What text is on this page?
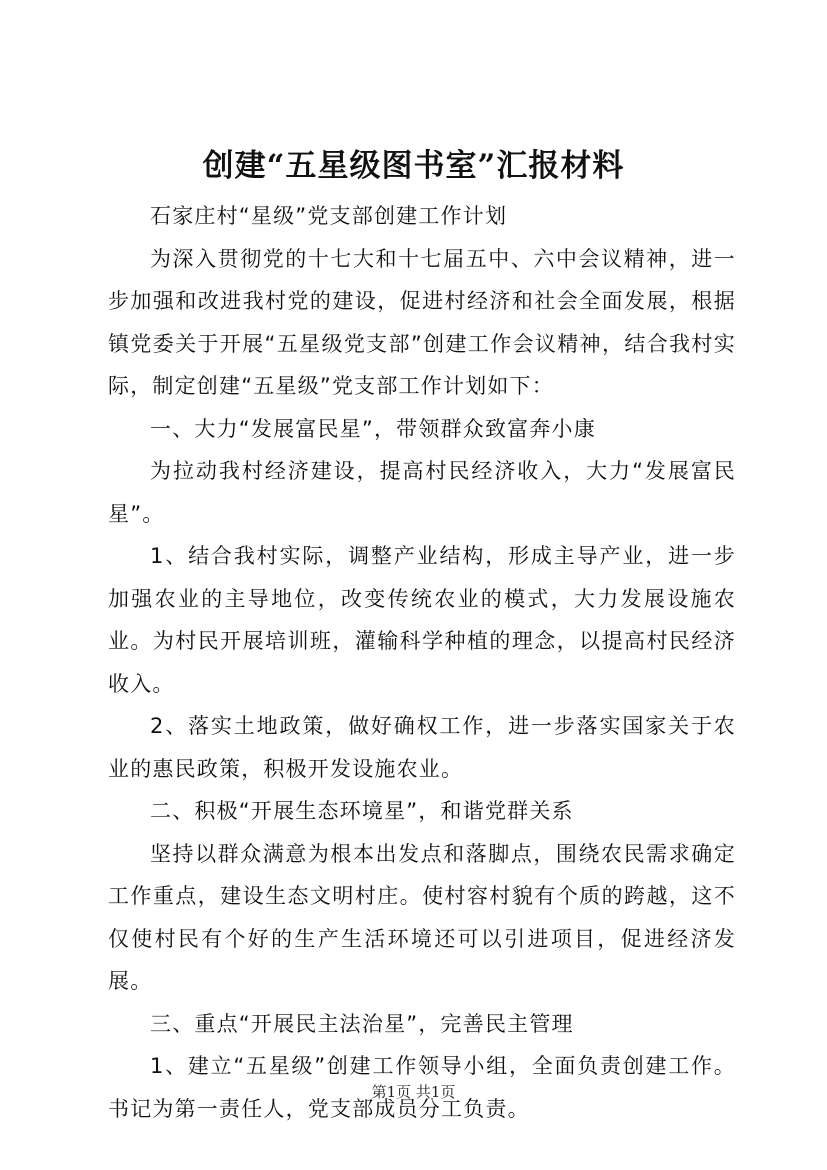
创建“五星级图书室”汇报材料

石家庄村“星级”党支部创建工作计划

为深入贯彻党的十七大和十七届五中、六中会议精神，进一步加强和改进我村党的建设，促进村经济和社会全面发展，根据镇党委关于开展“五星级党支部”创建工作会议精神，结合我村实际，制定创建“五星级”党支部工作计划如下：

一、大力“发展富民星”，带领群众致富奔小康

为拉动我村经济建设，提高村民经济收入，大力“发展富民星”。

1、结合我村实际，调整产业结构，形成主导产业，进一步加强农业的主导地位，改变传统农业的模式，大力发展设施农业。为村民开展培训班，灌输科学种植的理念，以提高村民经济收入。

2、落实土地政策，做好确权工作，进一步落实国家关于农业的惠民政策，积极开发设施农业。

二、积极“开展生态环境星”，和谐党群关系

坚持以群众满意为根本出发点和落脚点，围绕农民需求确定工作重点，建设生态文明村庄。使村容村貌有个质的跨越，这不仅使村民有个好的生产生活环境还可以引进项目，促进经济发展。

三、重点“开展民主法治星”，完善民主管理

1、建立“五星级”创建工作领导小组，全面负责创建工作。书记为第一责任人，党支部成员分工负责。

第1页 共1页
